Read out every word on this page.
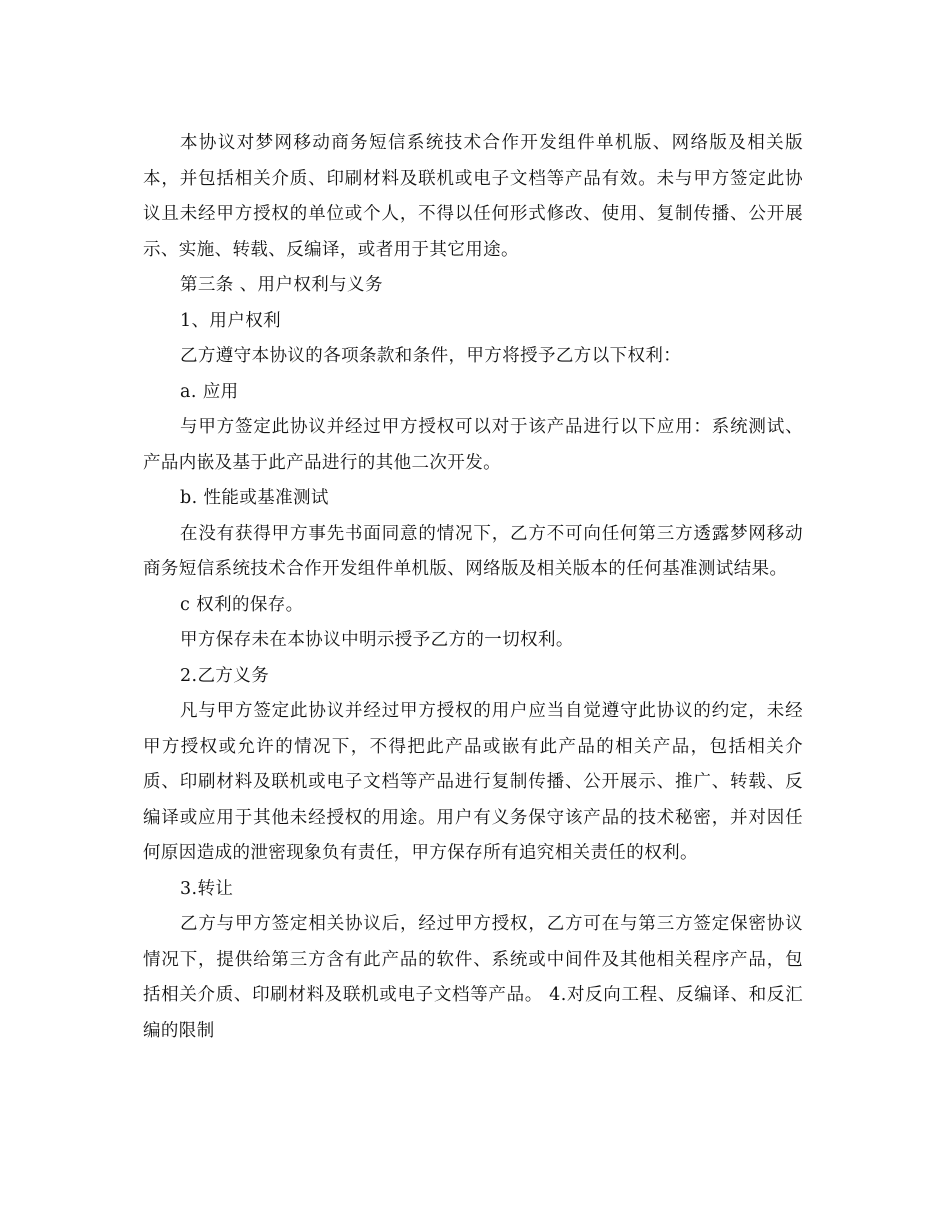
本协议对梦网移动商务短信系统技术合作开发组件单机版、网络版及相关版本，并包括相关介质、印刷材料及联机或电子文档等产品有效。未与甲方签定此协议且未经甲方授权的单位或个人，不得以任何形式修改、使用、复制传播、公开展示、实施、转载、反编译，或者用于其它用途。

第三条 、用户权利与义务

1、用户权利

乙方遵守本协议的各项条款和条件，甲方将授予乙方以下权利：

a. 应用

与甲方签定此协议并经过甲方授权可以对于该产品进行以下应用：系统测试、产品内嵌及基于此产品进行的其他二次开发。

b. 性能或基准测试

在没有获得甲方事先书面同意的情况下，乙方不可向任何第三方透露梦网移动商务短信系统技术合作开发组件单机版、网络版及相关版本的任何基准测试结果。

c 权利的保存。

甲方保存未在本协议中明示授予乙方的一切权利。

2.乙方义务

凡与甲方签定此协议并经过甲方授权的用户应当自觉遵守此协议的约定，未经甲方授权或允许的情况下，不得把此产品或嵌有此产品的相关产品，包括相关介质、印刷材料及联机或电子文档等产品进行复制传播、公开展示、推广、转载、反编译或应用于其他未经授权的用途。用户有义务保守该产品的技术秘密，并对因任何原因造成的泄密现象负有责任，甲方保存所有追究相关责任的权利。

3.转让

乙方与甲方签定相关协议后，经过甲方授权，乙方可在与第三方签定保密协议情况下，提供给第三方含有此产品的软件、系统或中间件及其他相关程序产品，包括相关介质、印刷材料及联机或电子文档等产品。 4.对反向工程、反编译、和反汇编的限制
